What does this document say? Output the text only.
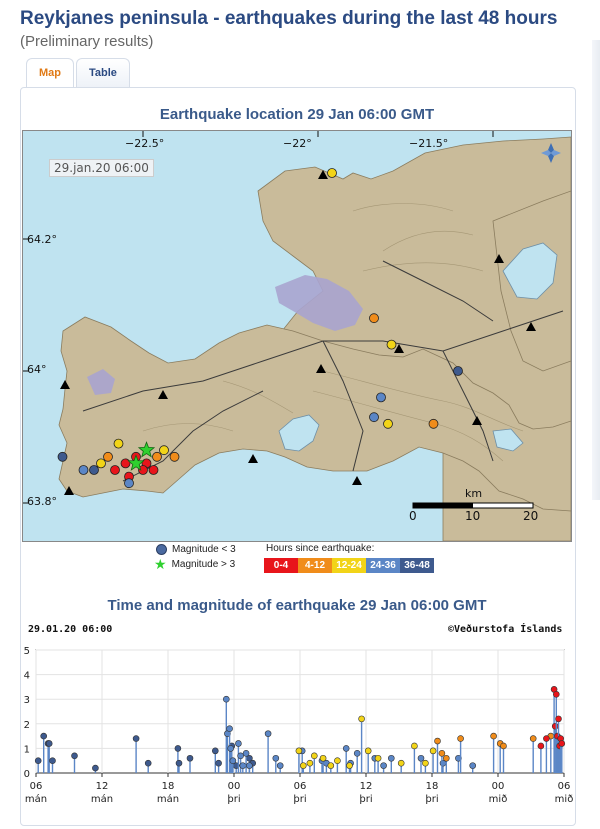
Reykjanes peninsula - earthquakes during the last 48 hours
(Preliminary results)
Map	Table
Earthquake location 29 Jan 06:00 GMT
29.jan.20 06:00
−22.5°	−22°	−21.5°
64.2°
64°
63.8°
km
0	10	20
Magnitude < 3
★ Magnitude > 3
Hours since earthquake:
0-4	4-12	12-24 24-36 36-48
Time and magnitude of earthquake 29 Jan 06:00 GMT
29.01.20 06:00	©Veðurstofa Íslands
0
1
2
3
4
5
06
mán
12
mán
18
mán
00
þri
06
þri
12
þri
18
þri
00
mið
06
mið
